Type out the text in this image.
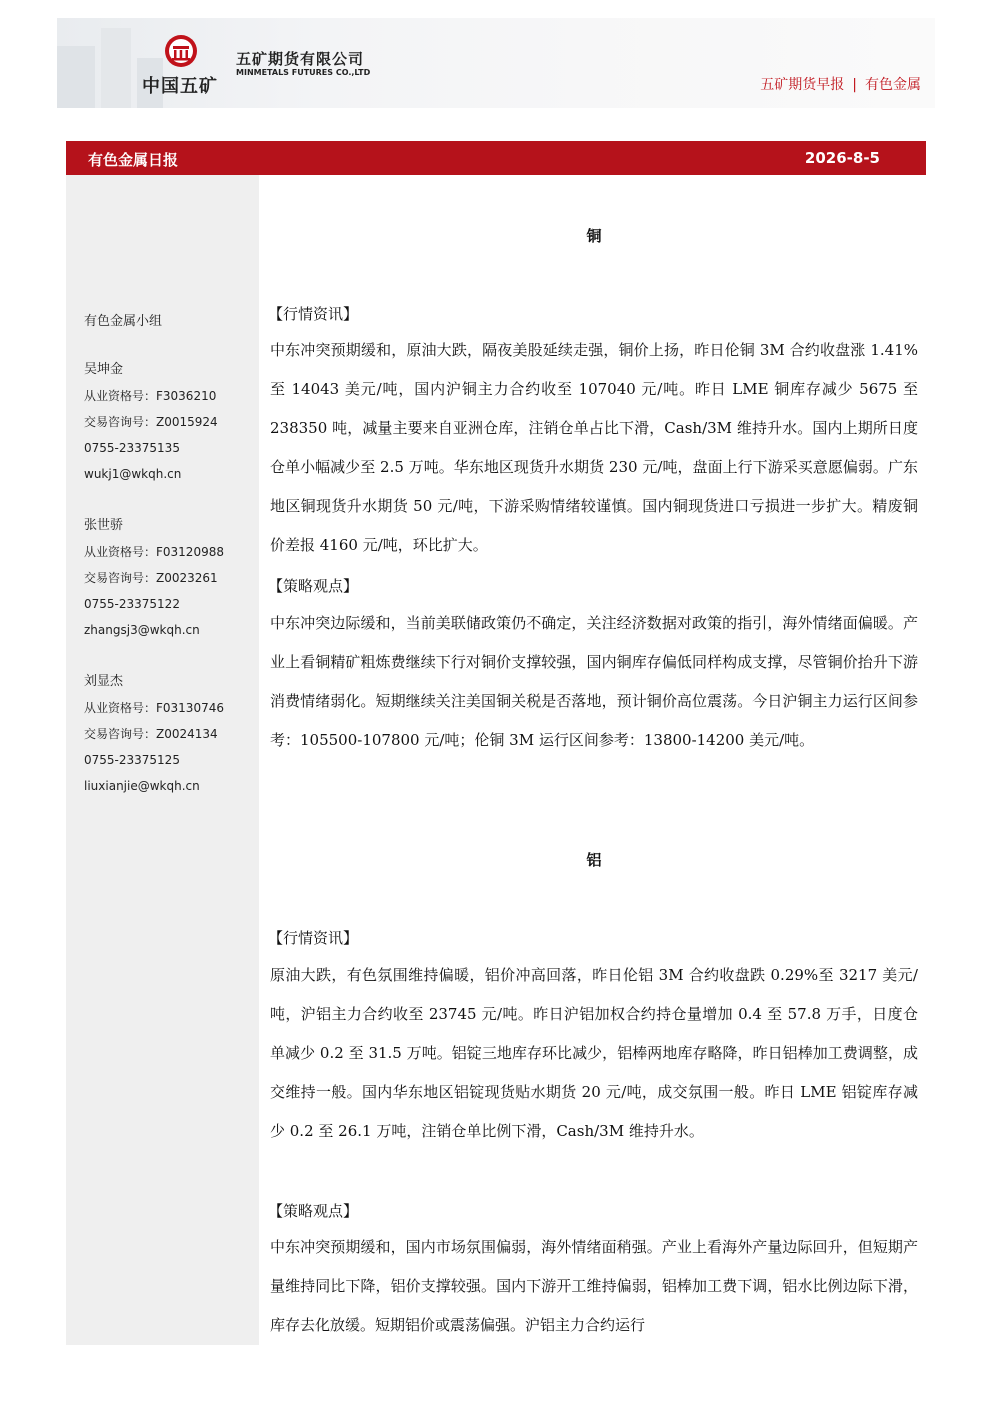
中国五矿
五矿期货有限公司
MINMETALS FUTURES CO.,LTD
五矿期货早报 | 有色金属
有色金属日报	2026-8-5
有色金属小组
吴坤金
从业资格号：F3036210
交易咨询号：Z0015924
0755-23375135
wukj1@wkqh.cn
张世骄
从业资格号：F03120988
交易咨询号：Z0023261
0755-23375122
zhangsj3@wkqh.cn
刘显杰
从业资格号：F03130746
交易咨询号：Z0024134
0755-23375125
liuxianjie@wkqh.cn
铜
【行情资讯】
中东冲突预期缓和，原油大跌，隔夜美股延续走强，铜价上扬，昨日伦铜 3M 合约收盘涨 1.41%至 14043 美元/吨，国内沪铜主力合约收至 107040 元/吨。昨日 LME 铜库存减少 5675 至 238350 吨，减量主要来自亚洲仓库，注销仓单占比下滑，Cash/3M 维持升水。国内上期所日度仓单小幅减少至 2.5 万吨。华东地区现货升水期货 230 元/吨，盘面上行下游采买意愿偏弱。广东地区铜现货升水期货 50 元/吨，下游采购情绪较谨慎。国内铜现货进口亏损进一步扩大。精废铜价差报 4160 元/吨，环比扩大。
【策略观点】
中东冲突边际缓和，当前美联储政策仍不确定，关注经济数据对政策的指引，海外情绪面偏暖。产业上看铜精矿粗炼费继续下行对铜价支撑较强，国内铜库存偏低同样构成支撑，尽管铜价抬升下游消费情绪弱化。短期继续关注美国铜关税是否落地，预计铜价高位震荡。今日沪铜主力运行区间参考：105500-107800 元/吨；伦铜 3M 运行区间参考：13800-14200 美元/吨。
铝
【行情资讯】
原油大跌，有色氛围维持偏暖，铝价冲高回落，昨日伦铝 3M 合约收盘跌 0.29%至 3217 美元/吨，沪铝主力合约收至 23745 元/吨。昨日沪铝加权合约持仓量增加 0.4 至 57.8 万手，日度仓单减少 0.2 至 31.5 万吨。铝锭三地库存环比减少，铝棒两地库存略降，昨日铝棒加工费调整，成交维持一般。国内华东地区铝锭现货贴水期货 20 元/吨，成交氛围一般。昨日 LME 铝锭库存减少 0.2 至 26.1 万吨，注销仓单比例下滑，Cash/3M 维持升水。
【策略观点】
中东冲突预期缓和，国内市场氛围偏弱，海外情绪面稍强。产业上看海外产量边际回升，但短期产量维持同比下降，铝价支撑较强。国内下游开工维持偏弱，铝棒加工费下调，铝水比例边际下滑，库存去化放缓。短期铝价或震荡偏强。沪铝主力合约运行
